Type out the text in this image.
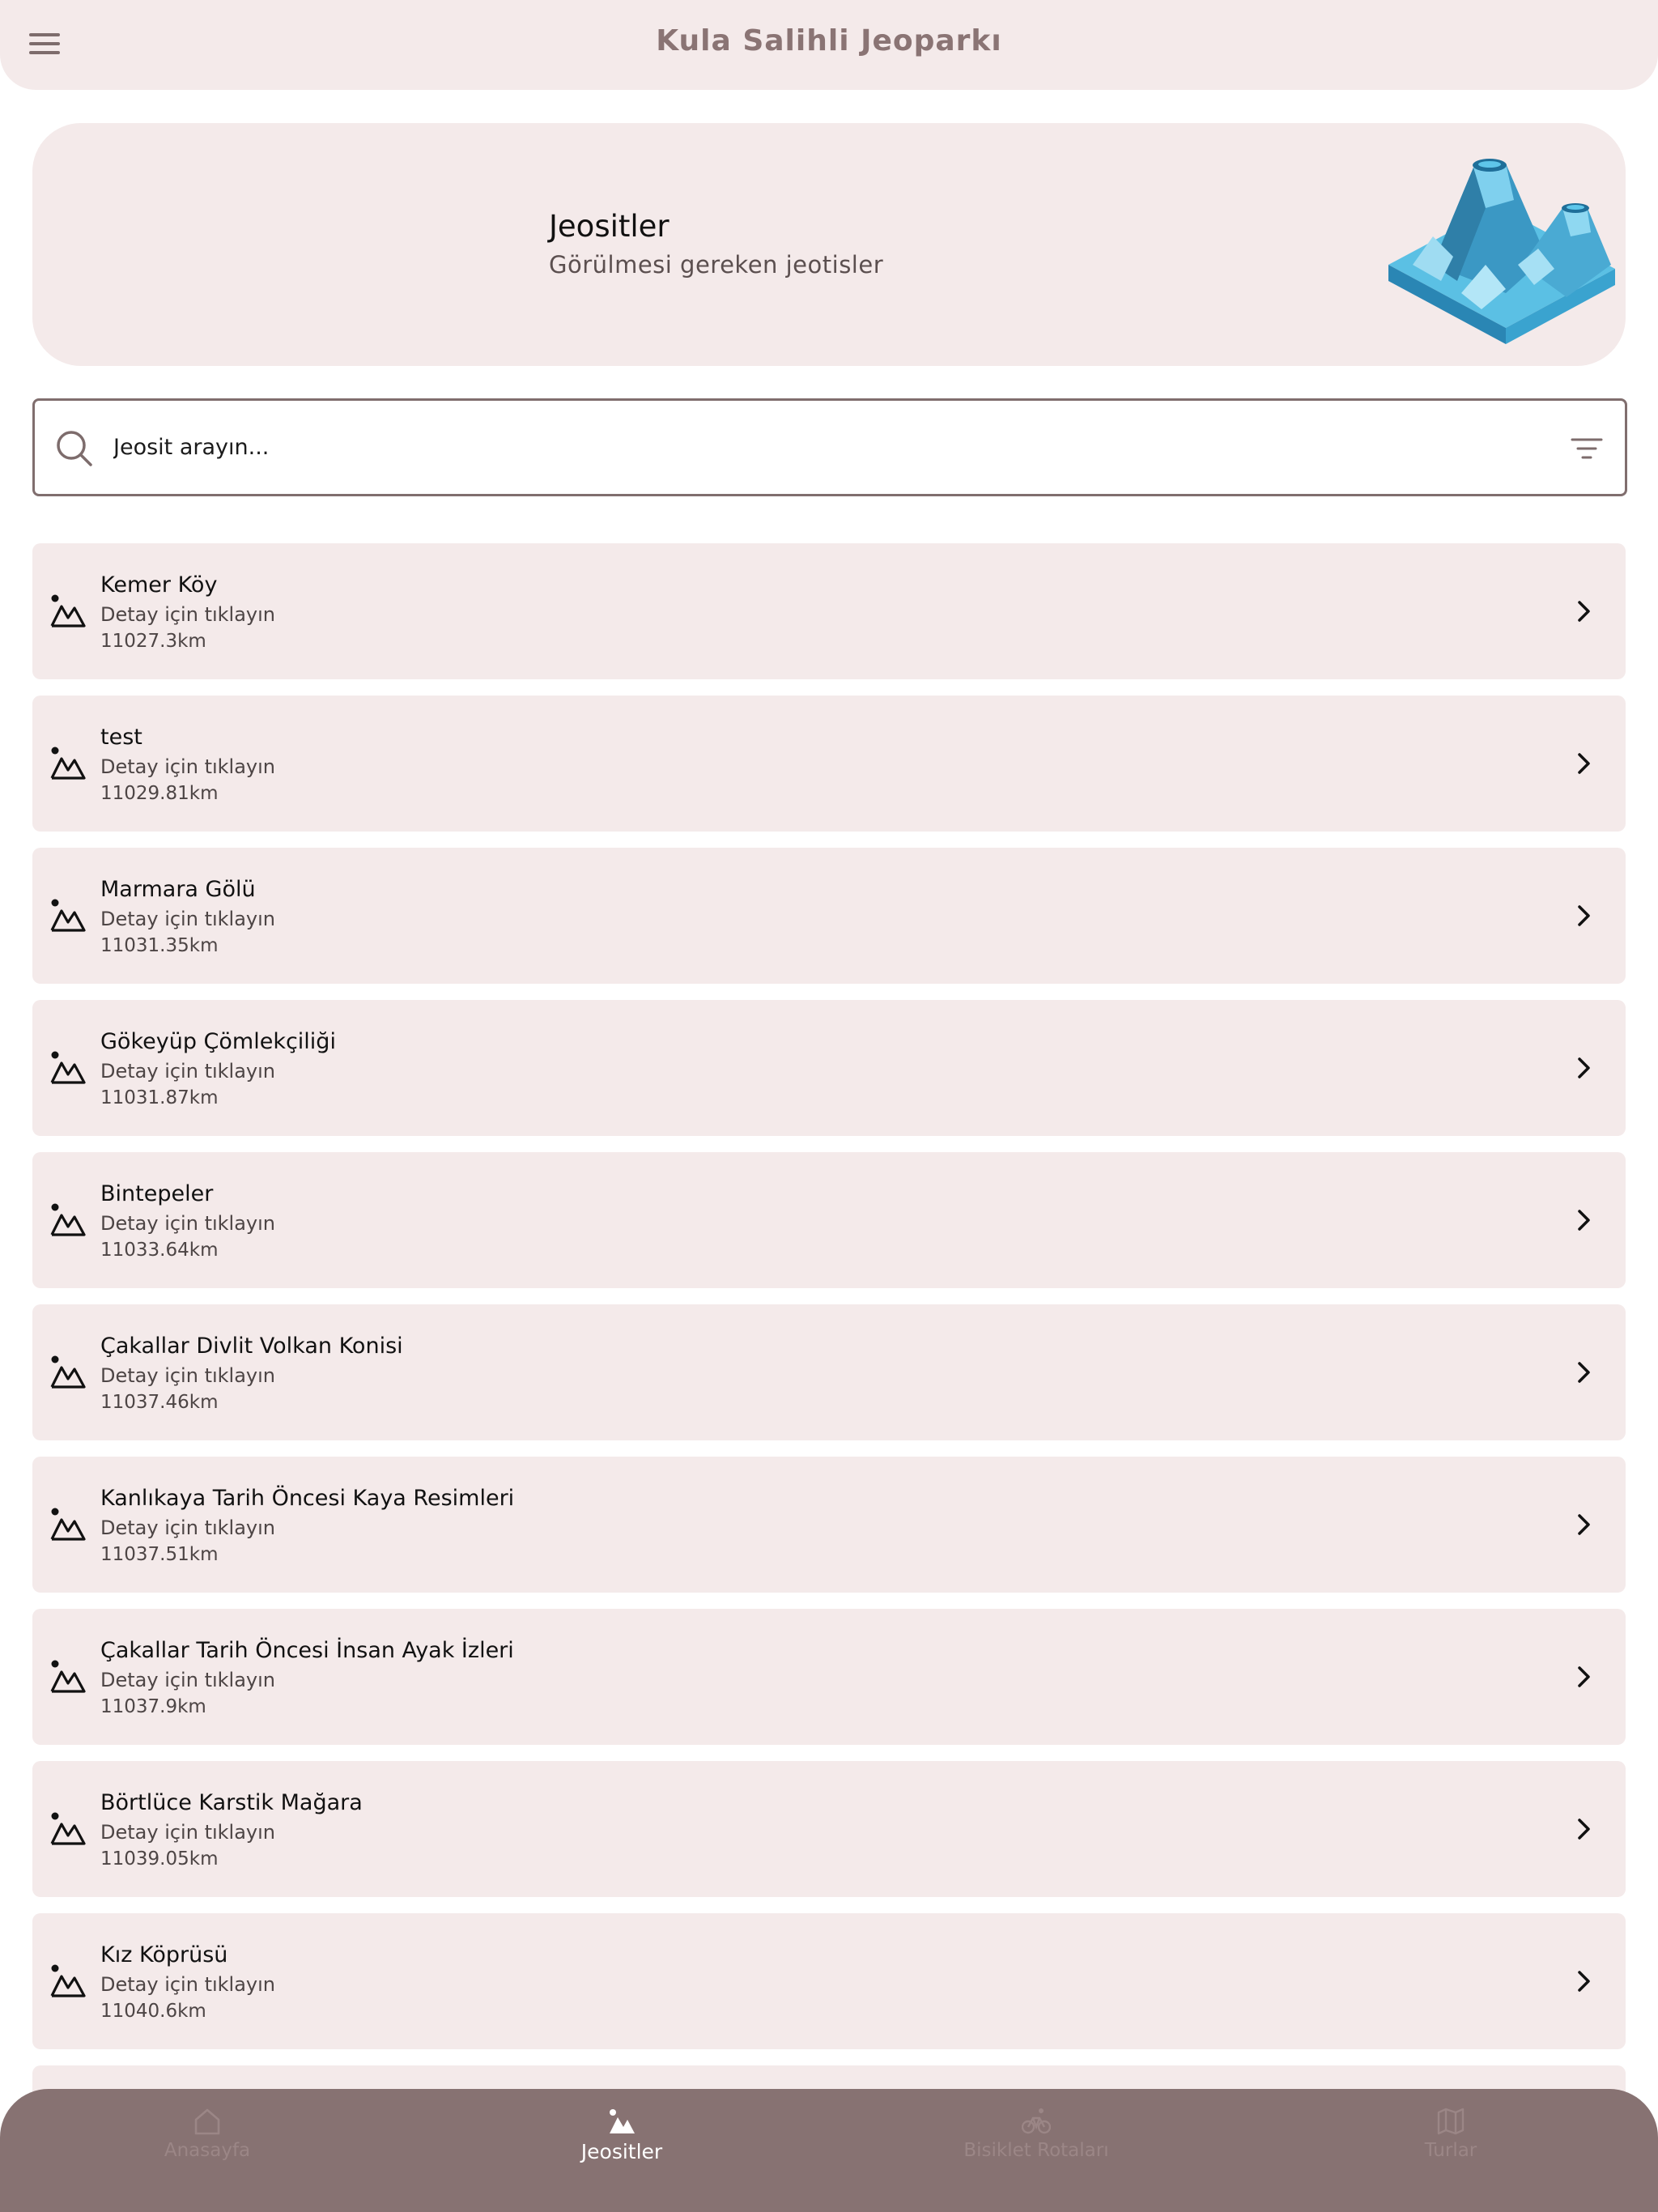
Kula Salihli Jeoparkı
Jeositler
Görülmesi gereken jeotisler
Jeosit arayın...
Kemer Köy
Detay için tıklayın
11027.3km
test
Detay için tıklayın
11029.81km
Marmara Gölü
Detay için tıklayın
11031.35km
Gökeyüp Çömlekçiliği
Detay için tıklayın
11031.87km
Bintepeler
Detay için tıklayın
11033.64km
Çakallar Divlit Volkan Konisi
Detay için tıklayın
11037.46km
Kanlıkaya Tarih Öncesi Kaya Resimleri
Detay için tıklayın
11037.51km
Çakallar Tarih Öncesi İnsan Ayak İzleri
Detay için tıklayın
11037.9km
Börtlüce Karstik Mağara
Detay için tıklayın
11039.05km
Kız Köprüsü
Detay için tıklayın
11040.6km
Anasayfa	Jeositler	Bisiklet Rotaları	Turlar
